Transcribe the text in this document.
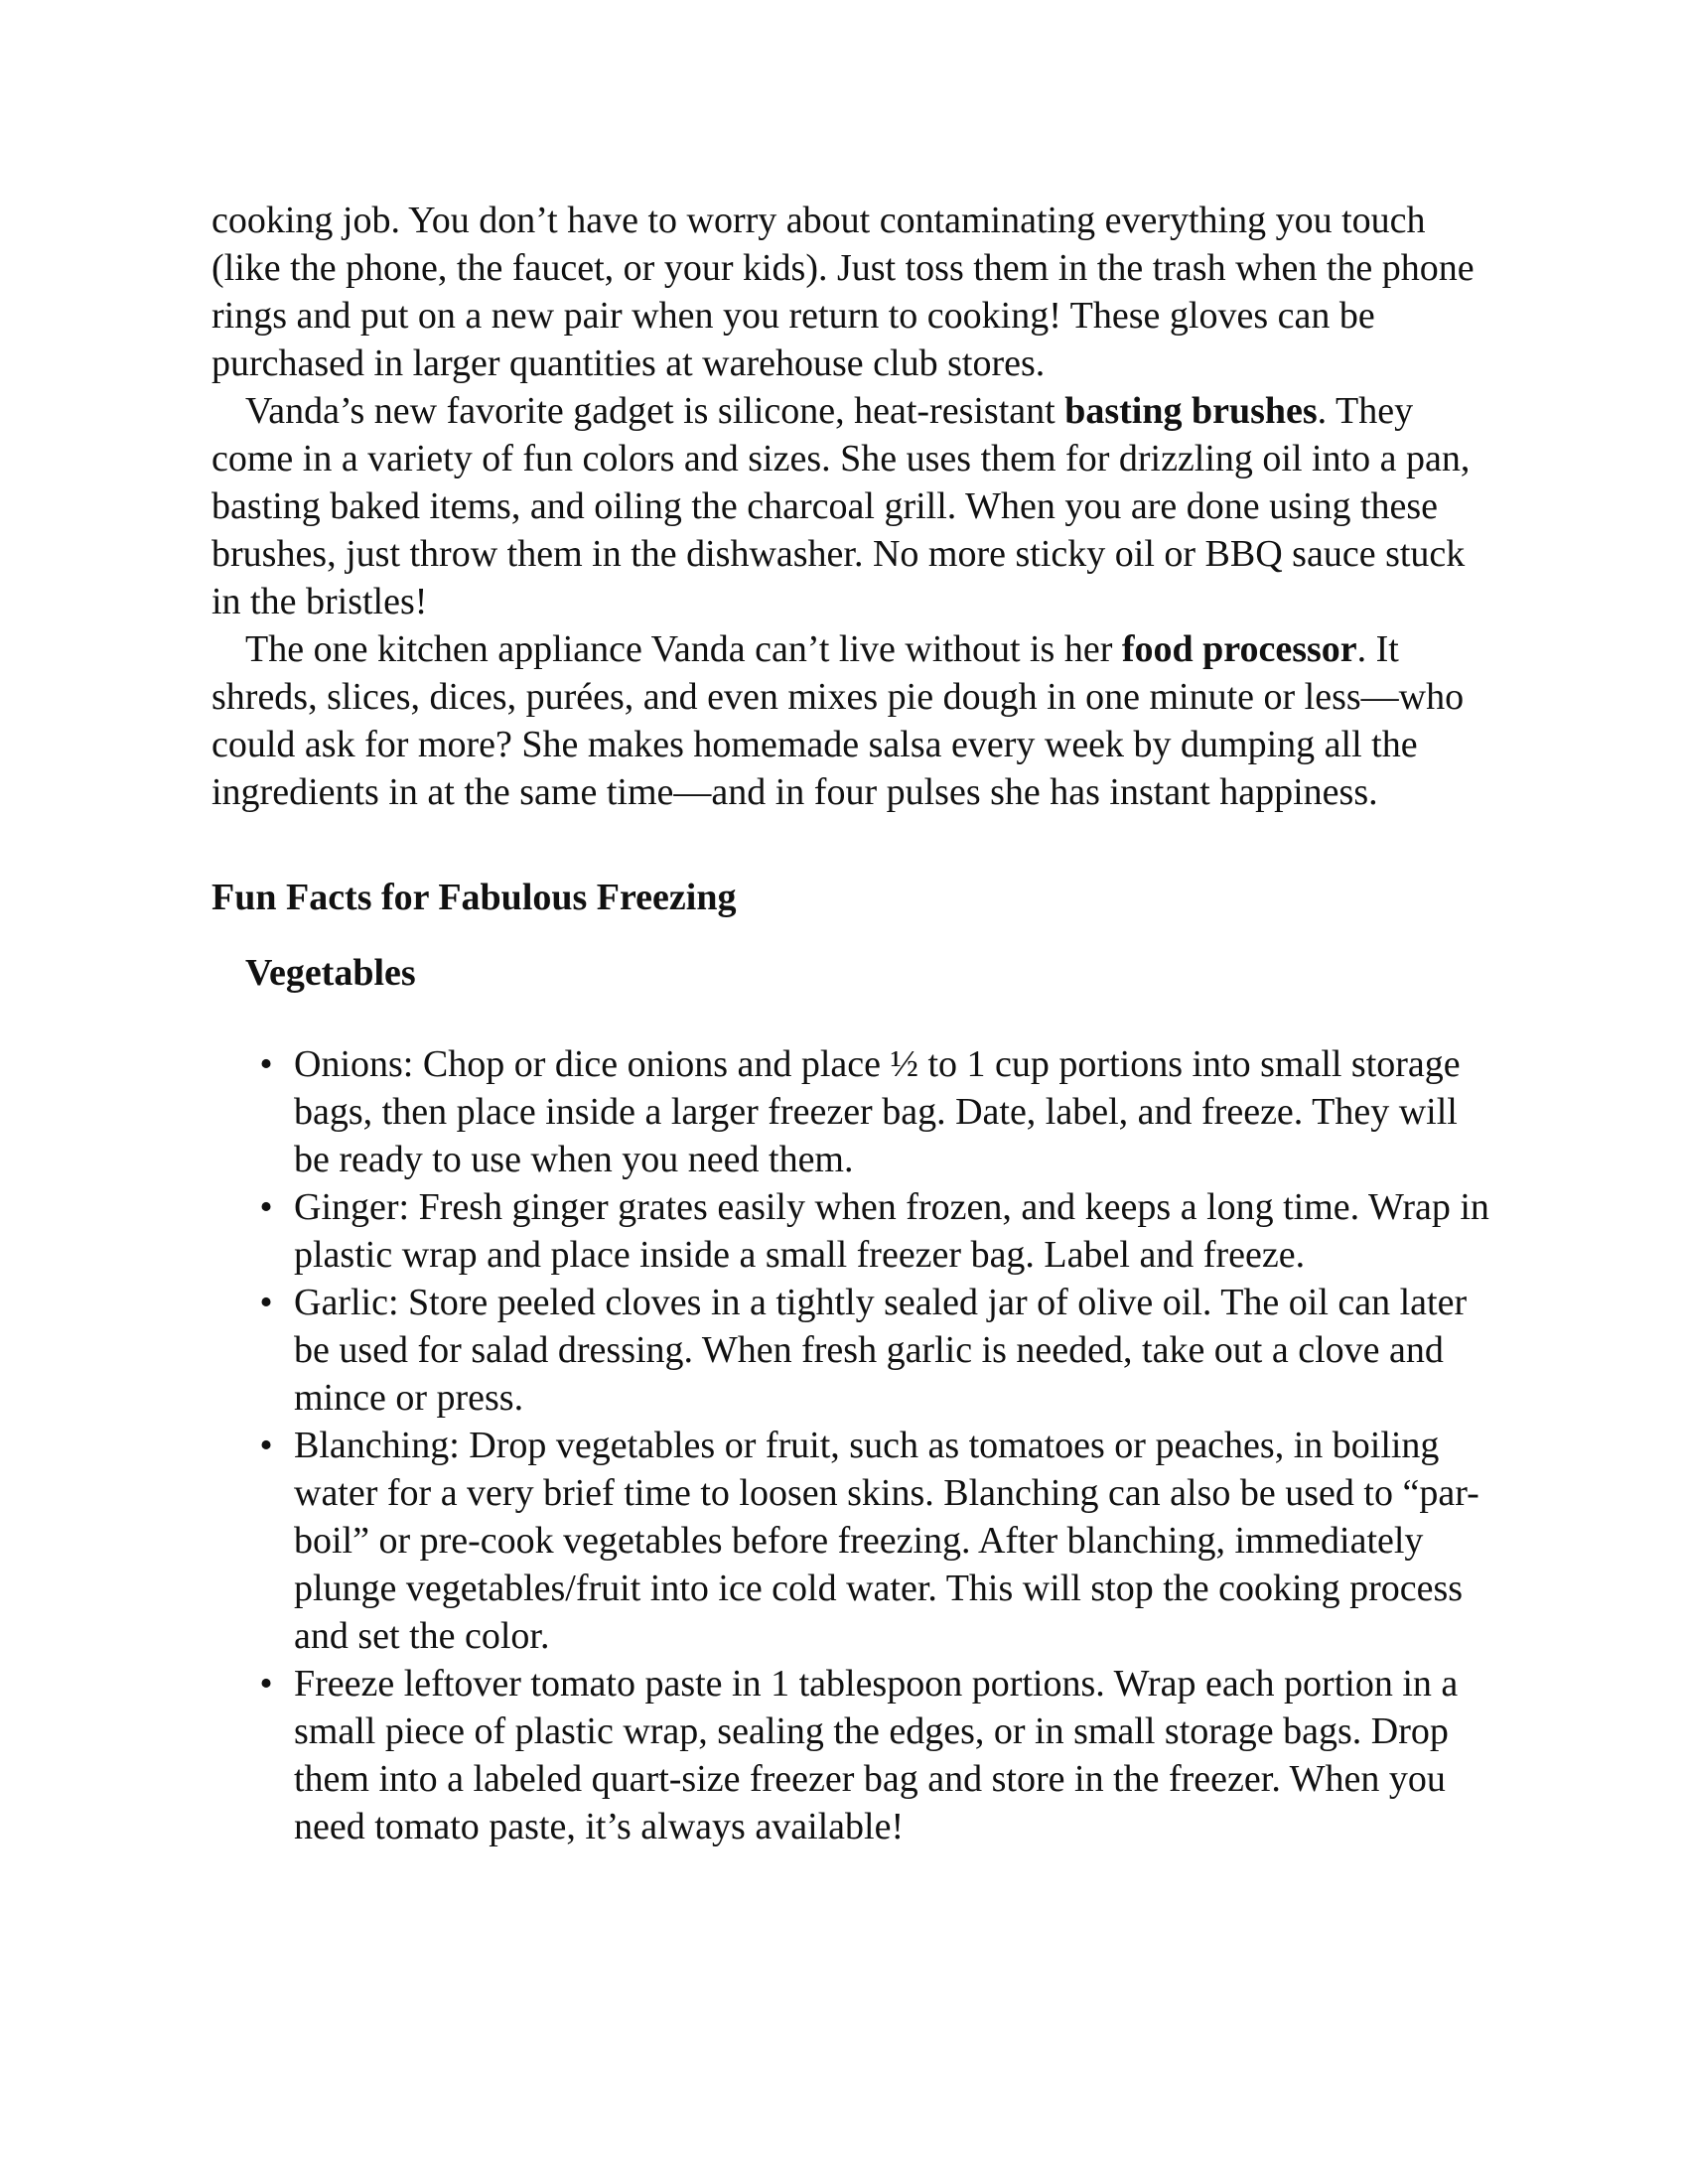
cooking job. You don’t have to worry about contaminating everything you touch (like the phone, the faucet, or your kids). Just toss them in the trash when the phone rings and put on a new pair when you return to cooking! These gloves can be purchased in larger quantities at warehouse club stores.

Vanda’s new favorite gadget is silicone, heat-resistant basting brushes. They come in a variety of fun colors and sizes. She uses them for drizzling oil into a pan, basting baked items, and oiling the charcoal grill. When you are done using these brushes, just throw them in the dishwasher. No more sticky oil or BBQ sauce stuck in the bristles!

The one kitchen appliance Vanda can’t live without is her food processor. It shreds, slices, dices, purées, and even mixes pie dough in one minute or less—who could ask for more? She makes homemade salsa every week by dumping all the ingredients in at the same time—and in four pulses she has instant happiness.

Fun Facts for Fabulous Freezing
Vegetables
• Onions: Chop or dice onions and place ½ to 1 cup portions into small storage bags, then place inside a larger freezer bag. Date, label, and freeze. They will be ready to use when you need them.
• Ginger: Fresh ginger grates easily when frozen, and keeps a long time. Wrap in plastic wrap and place inside a small freezer bag. Label and freeze.
• Garlic: Store peeled cloves in a tightly sealed jar of olive oil. The oil can later be used for salad dressing. When fresh garlic is needed, take out a clove and mince or press.
• Blanching: Drop vegetables or fruit, such as tomatoes or peaches, in boiling water for a very brief time to loosen skins. Blanching can also be used to “par-boil” or pre-cook vegetables before freezing. After blanching, immediately plunge vegetables/fruit into ice cold water. This will stop the cooking process and set the color.
• Freeze leftover tomato paste in 1 tablespoon portions. Wrap each portion in a small piece of plastic wrap, sealing the edges, or in small storage bags. Drop them into a labeled quart-size freezer bag and store in the freezer. When you need tomato paste, it’s always available!
